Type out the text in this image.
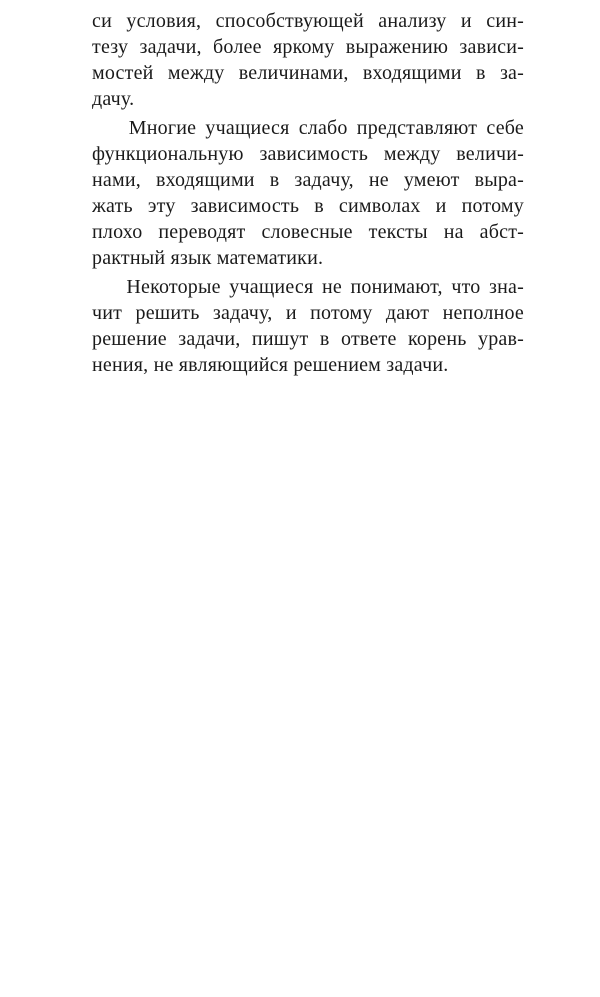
си условия, способствующей анализу и син-
тезу задачи, более яркому выражению зависи-
мостей между величинами, входящими в за-
дачу.
Многие учащиеся слабо представляют себе
функциональную зависимость между величи-
нами, входящими в задачу, не умеют выра-
жать эту зависимость в символах и потому
плохо переводят словесные тексты на абст-
рактный язык математики.
Некоторые учащиеся не понимают, что зна-
чит решить задачу, и потому дают неполное
решение задачи, пишут в ответе корень урав-
нения, не являющийся решением задачи.
